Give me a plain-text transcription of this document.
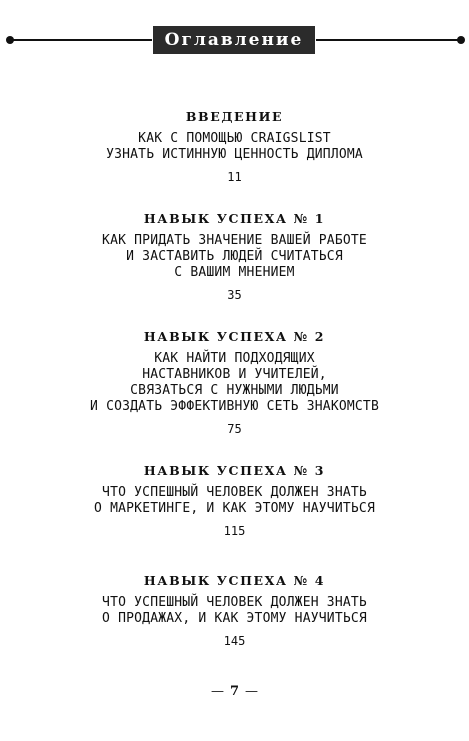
Оглавление
ВВЕДЕНИЕ
КАК С ПОМОЩЬЮ CRAIGSLIST
УЗНАТЬ ИСТИННУЮ ЦЕННОСТЬ ДИПЛОМА
11
НАВЫК УСПЕХА № 1
КАК ПРИДАТЬ ЗНАЧЕНИЕ ВАШЕЙ РАБОТЕ
И ЗАСТАВИТЬ ЛЮДЕЙ СЧИТАТЬСЯ
С ВАШИМ МНЕНИЕМ
35
НАВЫК УСПЕХА № 2
КАК НАЙТИ ПОДХОДЯЩИХ
НАСТАВНИКОВ И УЧИТЕЛЕЙ,
СВЯЗАТЬСЯ С НУЖНЫМИ ЛЮДЬМИ
И СОЗДАТЬ ЭФФЕКТИВНУЮ СЕТЬ ЗНАКОМСТВ
75
НАВЫК УСПЕХА № 3
ЧТО УСПЕШНЫЙ ЧЕЛОВЕК ДОЛЖЕН ЗНАТЬ
О МАРКЕТИНГЕ, И КАК ЭТОМУ НАУЧИТЬСЯ
115
НАВЫК УСПЕХА № 4
ЧТО УСПЕШНЫЙ ЧЕЛОВЕК ДОЛЖЕН ЗНАТЬ
О ПРОДАЖАХ, И КАК ЭТОМУ НАУЧИТЬСЯ
145
— 7 —
